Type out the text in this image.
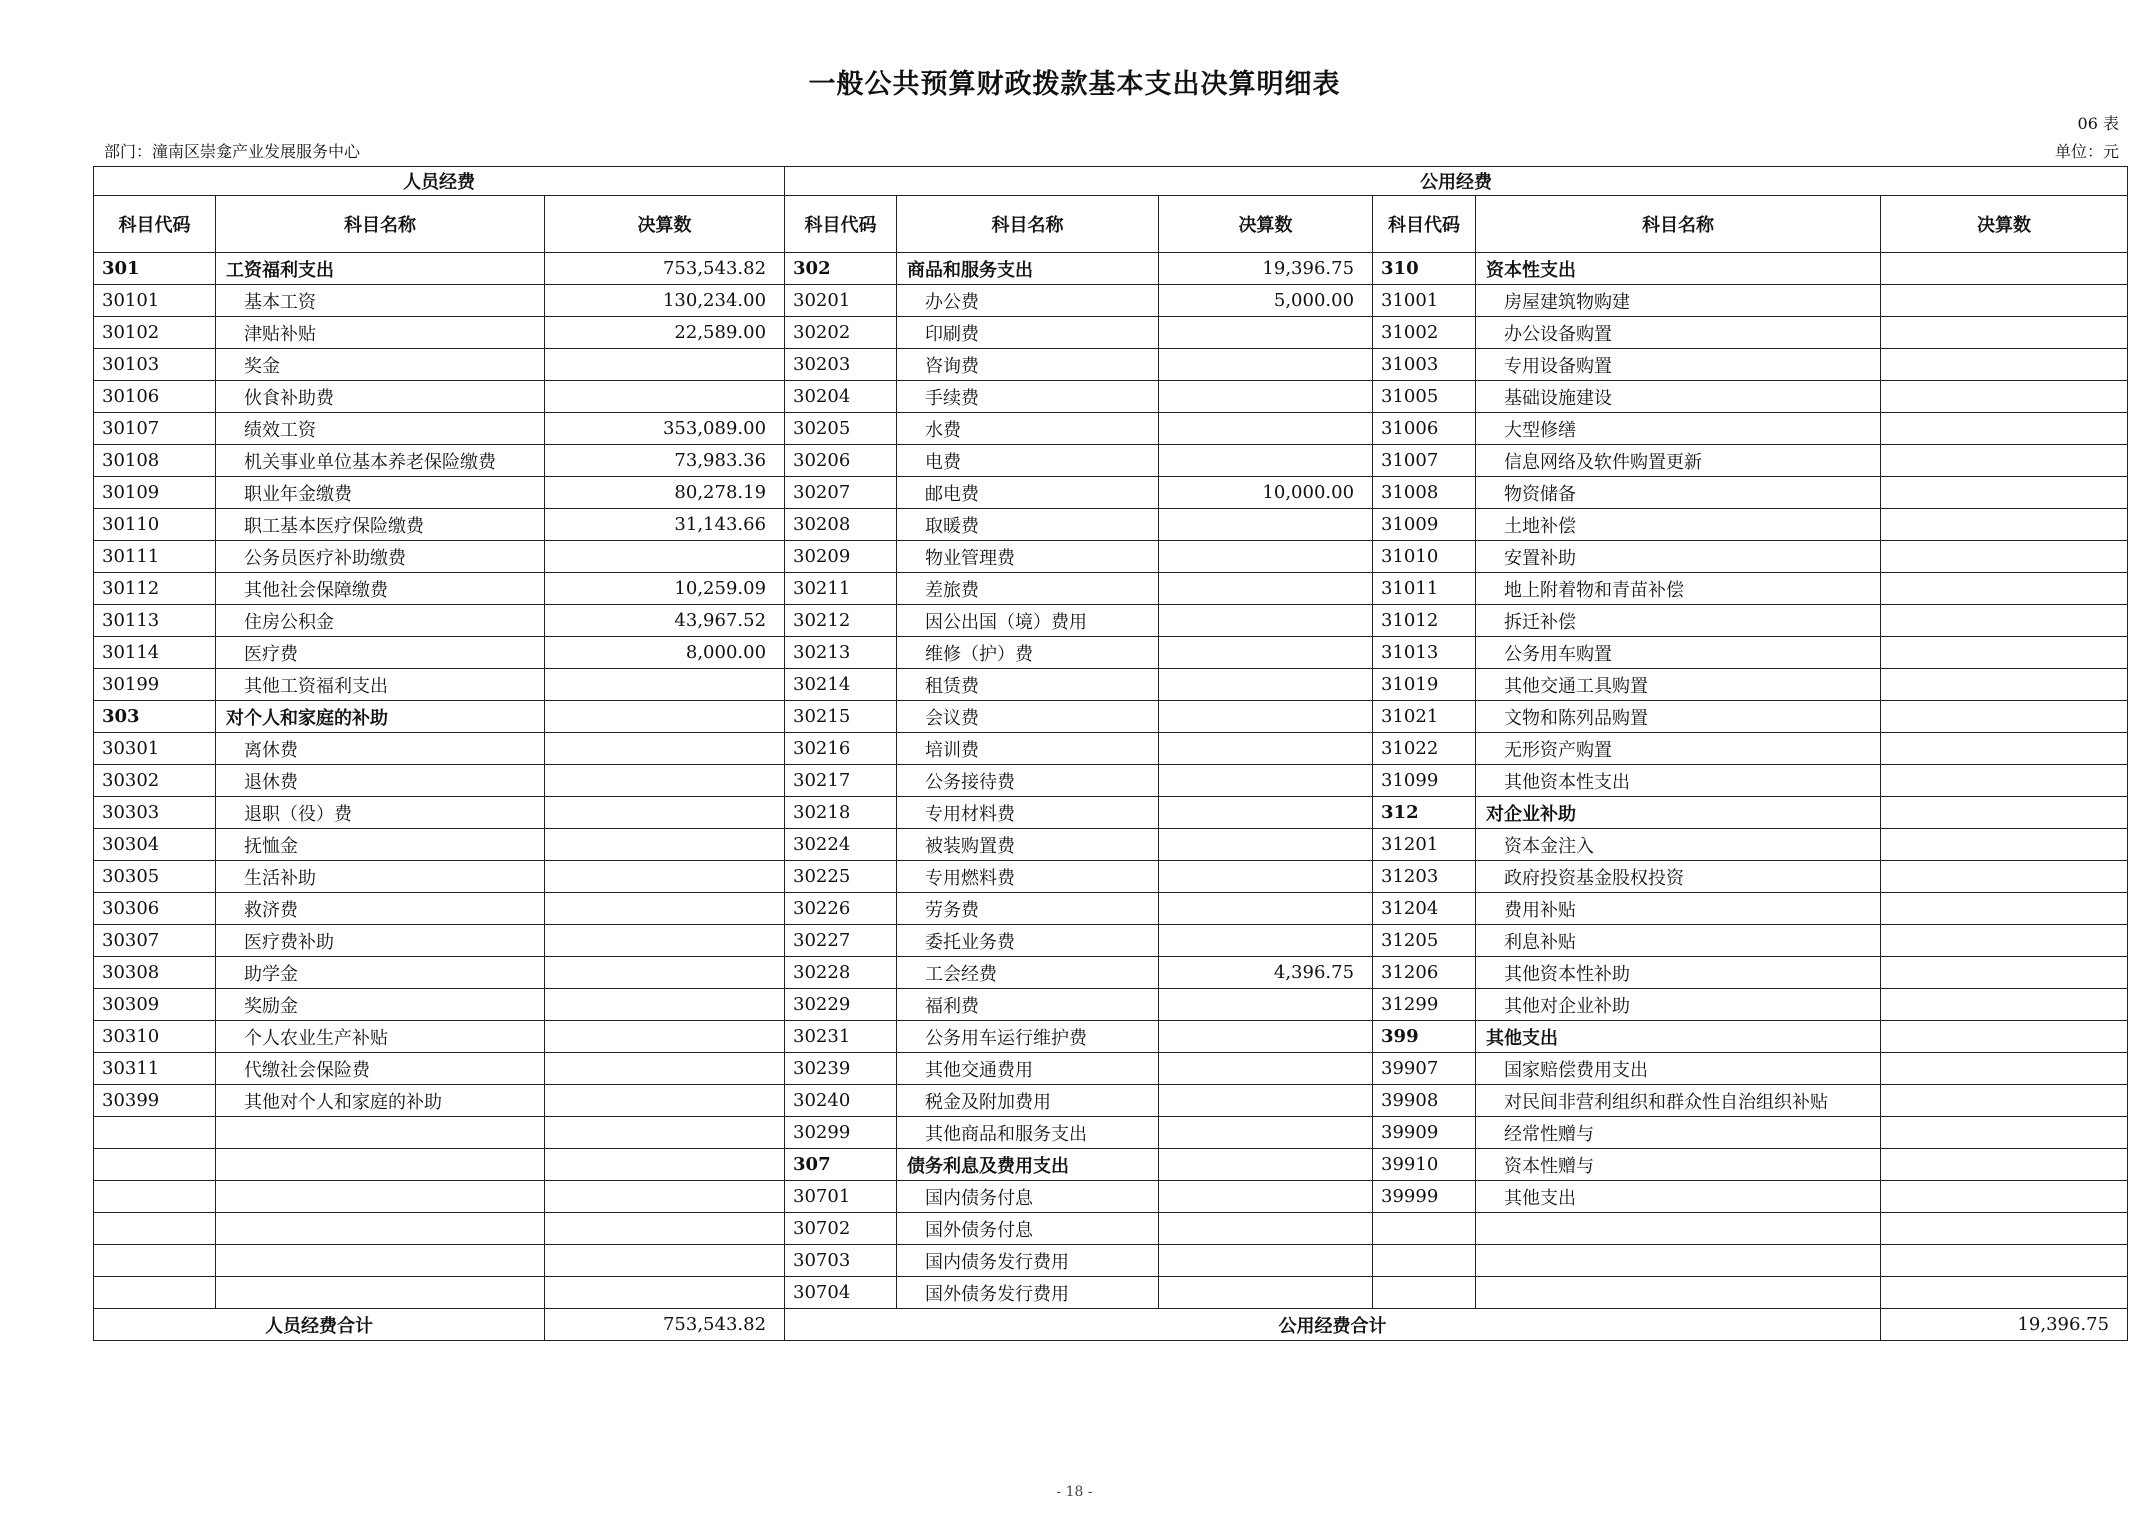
一般公共预算财政拨款基本支出决算明细表
06 表
部门：潼南区崇龛产业发展服务中心	单位：元
人员经费			公用经费					
科目代码	科目名称	决算数	科目代码	科目名称	决算数	科目代码	科目名称	决算数
301	工资福利支出	753,543.82	302	商品和服务支出	19,396.75	310	资本性支出	
30101	基本工资	130,234.00	30201	办公费	5,000.00	31001	房屋建筑物购建	
30102	津贴补贴	22,589.00	30202	印刷费		31002	办公设备购置	
30103	奖金		30203	咨询费		31003	专用设备购置	
30106	伙食补助费		30204	手续费		31005	基础设施建设	
30107	绩效工资	353,089.00	30205	水费		31006	大型修缮	
30108	机关事业单位基本养老保险缴费	73,983.36	30206	电费		31007	信息网络及软件购置更新	
30109	职业年金缴费	80,278.19	30207	邮电费	10,000.00	31008	物资储备	
30110	职工基本医疗保险缴费	31,143.66	30208	取暖费		31009	土地补偿	
30111	公务员医疗补助缴费		30209	物业管理费		31010	安置补助	
30112	其他社会保障缴费	10,259.09	30211	差旅费		31011	地上附着物和青苗补偿	
30113	住房公积金	43,967.52	30212	因公出国（境）费用		31012	拆迁补偿	
30114	医疗费	8,000.00	30213	维修（护）费		31013	公务用车购置	
30199	其他工资福利支出		30214	租赁费		31019	其他交通工具购置	
303	对个人和家庭的补助		30215	会议费		31021	文物和陈列品购置	
30301	离休费		30216	培训费		31022	无形资产购置	
30302	退休费		30217	公务接待费		31099	其他资本性支出	
30303	退职（役）费		30218	专用材料费		312	对企业补助	
30304	抚恤金		30224	被装购置费		31201	资本金注入	
30305	生活补助		30225	专用燃料费		31203	政府投资基金股权投资	
30306	救济费		30226	劳务费		31204	费用补贴	
30307	医疗费补助		30227	委托业务费		31205	利息补贴	
30308	助学金		30228	工会经费	4,396.75	31206	其他资本性补助	
30309	奖励金		30229	福利费		31299	其他对企业补助	
30310	个人农业生产补贴		30231	公务用车运行维护费		399	其他支出	
30311	代缴社会保险费		30239	其他交通费用		39907	国家赔偿费用支出	
30399	其他对个人和家庭的补助		30240	税金及附加费用		39908	对民间非营利组织和群众性自治组织补贴	
			30299	其他商品和服务支出		39909	经常性赠与	
			307	债务利息及费用支出		39910	资本性赠与	
			30701	国内债务付息		39999	其他支出	
			30702	国外债务付息				
			30703	国内债务发行费用				
			30704	国外债务发行费用				
人员经费合计		753,543.82	公用经费合计					19,396.75
- 18 -
